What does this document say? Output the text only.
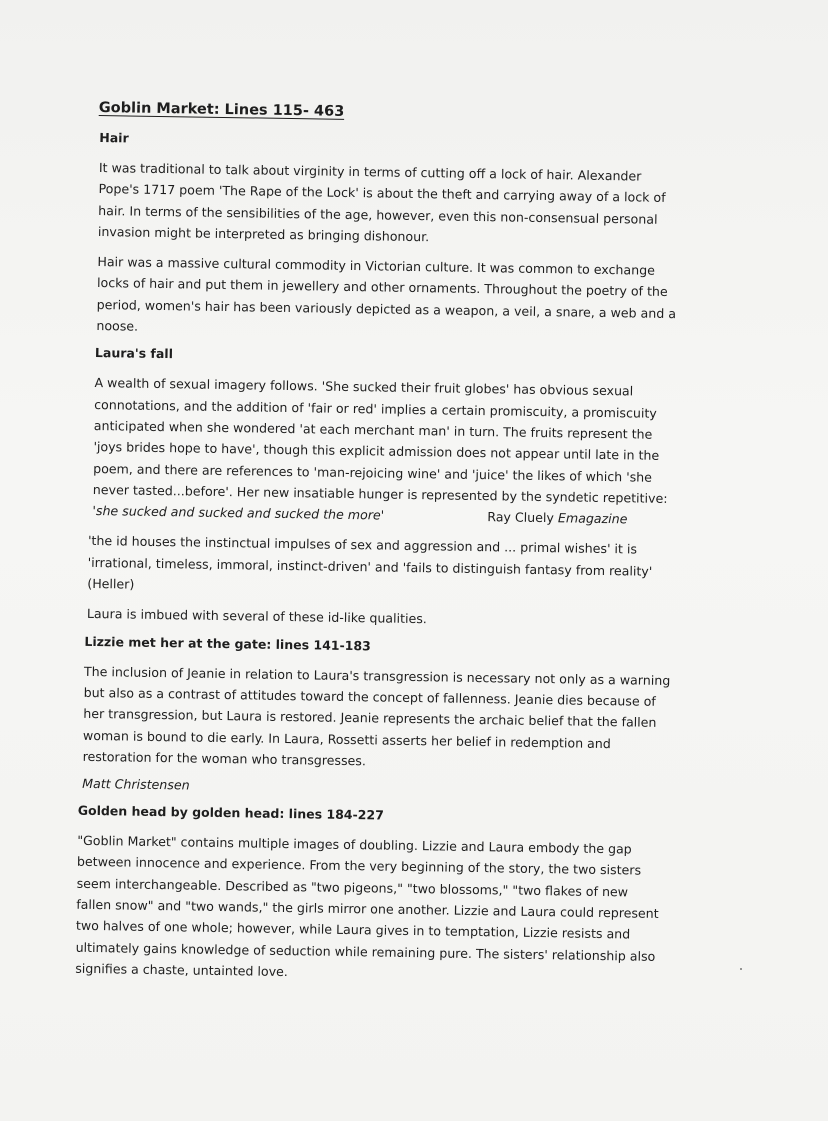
Goblin Market: Lines 115- 463
Hair
It was traditional to talk about virginity in terms of cutting off a lock of hair. Alexander
Pope's 1717 poem 'The Rape of the Lock' is about the theft and carrying away of a lock of
hair. In terms of the sensibilities of the age, however, even this non-consensual personal
invasion might be interpreted as bringing dishonour.
Hair was a massive cultural commodity in Victorian culture. It was common to exchange
locks of hair and put them in jewellery and other ornaments. Throughout the poetry of the
period, women's hair has been variously depicted as a weapon, a veil, a snare, a web and a
noose.
Laura's fall
A wealth of sexual imagery follows. 'She sucked their fruit globes' has obvious sexual
connotations, and the addition of 'fair or red' implies a certain promiscuity, a promiscuity
anticipated when she wondered 'at each merchant man' in turn. The fruits represent the
'joys brides hope to have', though this explicit admission does not appear until late in the
poem, and there are references to 'man-rejoicing wine' and 'juice' the likes of which 'she
never tasted...before'. Her new insatiable hunger is represented by the syndetic repetitive:
'she sucked and sucked and sucked the more'	Ray Cluely Emagazine
'the id houses the instinctual impulses of sex and aggression and ... primal wishes' it is
'irrational, timeless, immoral, instinct-driven' and 'fails to distinguish fantasy from reality'
(Heller)
Laura is imbued with several of these id-like qualities.
Lizzie met her at the gate: lines 141-183
The inclusion of Jeanie in relation to Laura's transgression is necessary not only as a warning
but also as a contrast of attitudes toward the concept of fallenness. Jeanie dies because of
her transgression, but Laura is restored. Jeanie represents the archaic belief that the fallen
woman is bound to die early. In Laura, Rossetti asserts her belief in redemption and
restoration for the woman who transgresses.
Matt Christensen
Golden head by golden head: lines 184-227
"Goblin Market" contains multiple images of doubling. Lizzie and Laura embody the gap
between innocence and experience. From the very beginning of the story, the two sisters
seem interchangeable. Described as "two pigeons," "two blossoms," "two flakes of new
fallen snow" and "two wands," the girls mirror one another. Lizzie and Laura could represent
two halves of one whole; however, while Laura gives in to temptation, Lizzie resists and
ultimately gains knowledge of seduction while remaining pure. The sisters' relationship also
signifies a chaste, untainted love.
